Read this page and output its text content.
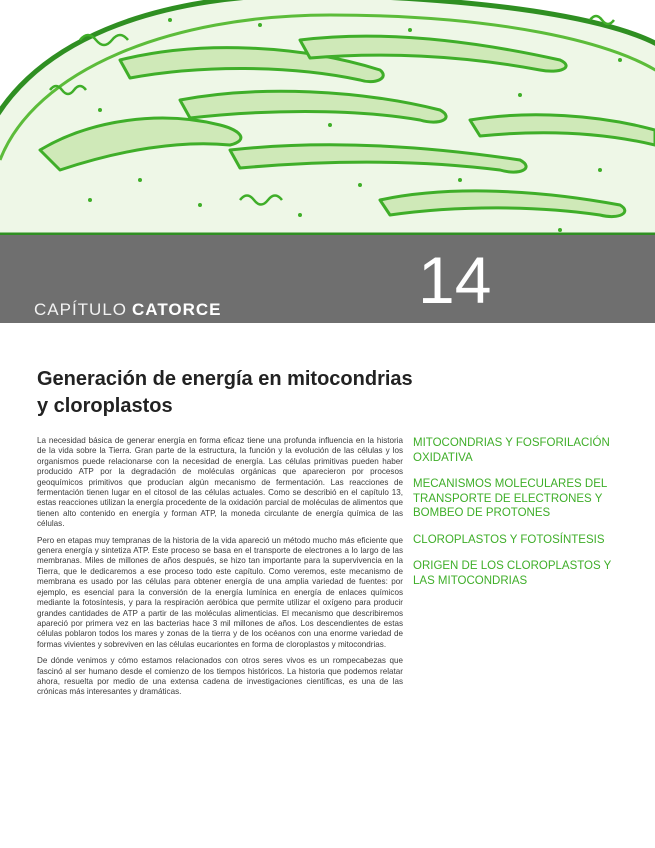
CAPÍTULO CATORCE	14
Generación de energía en mitocondrias y cloroplastos

La necesidad básica de generar energía en forma eficaz tiene una profunda influencia en la historia de la vida sobre la Tierra. Gran parte de la estructura, la función y la evolución de las células y los organismos puede relacionarse con la necesidad de energía. Las células primitivas pueden haber producido ATP por la degradación de moléculas orgánicas que aparecieron por procesos geoquímicos primitivos que producían algún mecanismo de fermentación. Las reacciones de fermentación tienen lugar en el citosol de las células actuales. Como se describió en el capítulo 13, estas reacciones utilizan la energía procedente de la oxidación parcial de moléculas de alimentos que tienen alto contenido en energía y forman ATP, la moneda circulante de energía química de las células.

Pero en etapas muy tempranas de la historia de la vida apareció un método mucho más eficiente que genera energía y sintetiza ATP. Este proceso se basa en el transporte de electrones a lo largo de las membranas. Miles de millones de años después, se hizo tan importante para la supervivencia en la Tierra, que le dedicaremos a ese proceso todo este capítulo. Como veremos, este mecanismo de membrana es usado por las células para obtener energía de una amplia variedad de fuentes: por ejemplo, es esencial para la conversión de la energía lumínica en energía de enlaces químicos mediante la fotosíntesis, y para la respiración aeróbica que permite utilizar el oxígeno para producir grandes cantidades de ATP a partir de las moléculas alimenticias. El mecanismo que describiremos apareció por primera vez en las bacterias hace 3 mil millones de años. Los descendientes de estas células poblaron todos los mares y zonas de la tierra y de los océanos con una enorme variedad de formas vivientes y sobreviven en las células eucariontes en forma de cloroplastos y mitocondrias.

De dónde venimos y cómo estamos relacionados con otros seres vivos es un rompecabezas que fascinó al ser humano desde el comienzo de los tiempos históricos. La historia que podemos relatar ahora, resuelta por medio de una extensa cadena de investigaciones científicas, es una de las crónicas más interesantes y dramáticas.

MITOCONDRIAS Y FOSFORILACIÓN OXIDATIVA
MECANISMOS MOLECULARES DEL TRANSPORTE DE ELECTRONES Y BOMBEO DE PROTONES
CLOROPLASTOS Y FOTOSÍNTESIS
ORIGEN DE LOS CLOROPLASTOS Y LAS MITOCONDRIAS
